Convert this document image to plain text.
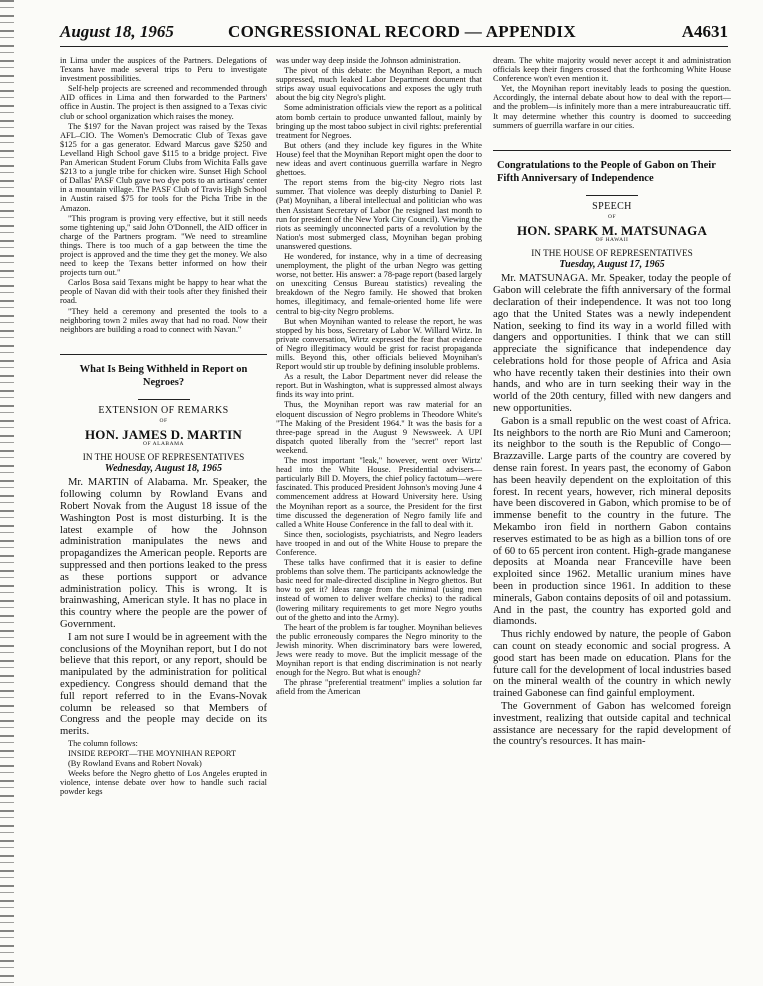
August 18, 1965	CONGRESSIONAL RECORD — APPENDIX	A4631

in Lima under the auspices of the Partners. Delegations of Texans have made several trips to Peru to investigate investment possibilities.

Self-help projects are screened and recommended through AID offices in Lima and then forwarded to the Partners' office in Austin. The project is then assigned to a Texas civic club or school organization which raises the money.

The $197 for the Navan project was raised by the Texas AFL–CIO. The Women's Democratic Club of Texas gave $125 for a gas generator. Edward Marcus gave $250 and Levelland High School gave $115 to a bridge project. Five Pan American Student Forum Clubs from Wichita Falls gave $213 to a jungle tribe for chicken wire. Sunset High School of Dallas' PASF Club gave two dye pots to an artisans' center in a mountain village. The PASF Club of Travis High School in Austin raised $75 for tools for the Picha Tribe in the Amazon.

"This program is proving very effective, but it still needs some tightening up," said John O'Donnell, the AID officer in charge of the Partners program. "We need to streamline things. There is too much of a gap between the time the project is approved and the time they get the money. We also need to keep the Texans better informed on how their projects turn out."

Carlos Bosa said Texans might be happy to hear what the people of Navan did with their tools after they finished their road.

"They held a ceremony and presented the tools to a neighboring town 2 miles away that had no road. Now their neighbors are building a road to connect with Navan."

What Is Being Withheld in Report on Negroes?
EXTENSION OF REMARKS
OF
HON. JAMES D. MARTIN
OF ALABAMA
IN THE HOUSE OF REPRESENTATIVES
Wednesday, August 18, 1965

Mr. MARTIN of Alabama. Mr. Speaker, the following column by Rowland Evans and Robert Novak from the August 18 issue of the Washington Post is most disturbing. It is the latest example of how the Johnson administration manipulates the news and propagandizes the American people. Reports are suppressed and then portions leaked to the press as these portions support or advance administration policy. This is wrong. It is brainwashing, American style. It has no place in this country where the people are the power of Government.

I am not sure I would be in agreement with the conclusions of the Moynihan report, but I do not believe that this report, or any report, should be manipulated by the administration for political expediency. Congress should demand that the full report referred to in the Evans-Novak column be released so that Members of Congress and the people may decide on its merits.

The column follows:

INSIDE REPORT—THE MOYNIHAN REPORT

(By Rowland Evans and Robert Novak)

Weeks before the Negro ghetto of Los Angeles erupted in violence, intense debate over how to handle such racial powder kegs

was under way deep inside the Johnson administration.

The pivot of this debate: the Moynihan Report, a much suppressed, much leaked Labor Department document that strips away usual equivocations and exposes the ugly truth about the big city Negro's plight.

Some administration officials view the report as a political atom bomb certain to produce unwanted fallout, mainly by bringing up the most taboo subject in civil rights: preferential treatment for Negroes.

But others (and they include key figures in the White House) feel that the Moynihan Report might open the door to new ideas and avert continuous guerrilla warfare in Negro ghettoes.

The report stems from the big-city Negro riots last summer. That violence was deeply disturbing to Daniel P. (Pat) Moynihan, a liberal intellectual and politician who was then Assistant Secretary of Labor (he resigned last month to run for president of the New York City Council). Viewing the riots as seemingly unconnected parts of a revolution by the Nation's most submerged class, Moynihan began probing unanswered questions.

He wondered, for instance, why in a time of decreasing unemployment, the plight of the urban Negro was getting worse, not better. His answer: a 78-page report (based largely on unexciting Census Bureau statistics) revealing the breakdown of the Negro family. He showed that broken homes, illegitimacy, and female-oriented home life were central to big-city Negro problems.

But when Moynihan wanted to release the report, he was stopped by his boss, Secretary of Labor W. Willard Wirtz. In private conversation, Wirtz expressed the fear that evidence of Negro illegitimacy would be grist for racist propaganda mills. Beyond this, other officials believed Moynihan's Report would stir up trouble by defining insoluble problems.

As a result, the Labor Department never did release the report. But in Washington, what is suppressed almost always finds its way into print.

Thus, the Moynihan report was raw material for an eloquent discussion of Negro problems in Theodore White's "The Making of the President 1964." It was the basis for a three-page spread in the August 9 Newsweek. A UPI dispatch quoted liberally from the "secret" report last weekend.

The most important "leak," however, went over Wirtz' head into the White House. Presidential advisers—particularly Bill D. Moyers, the chief policy factotum—were fascinated. This produced President Johnson's moving June 4 commencement address at Howard University here. Using the Moynihan report as a source, the President for the first time discussed the degeneration of Negro family life and called a White House Conference in the fall to deal with it.

Since then, sociologists, psychiatrists, and Negro leaders have trooped in and out of the White House to prepare the Conference.

These talks have confirmed that it is easier to define problems than solve them. The participants acknowledge the basic need for male-directed discipline in Negro ghettos. But how to get it? Ideas range from the minimal (using men instead of women to deliver welfare checks) to the radical (lowering military requirements to get more Negro youths out of the ghetto and into the Army).

The heart of the problem is far tougher. Moynihan believes the public erroneously compares the Negro minority to the Jewish minority. When discriminatory bars were lowered, Jews were ready to move. But the implicit message of the Moynihan report is that ending discrimination is not nearly enough for the Negro. But what is enough?

The phrase "preferential treatment" implies a solution far afield from the American

dream. The white majority would never accept it and administration officials keep their fingers crossed that the forthcoming White House Conference won't even mention it.

Yet, the Moynihan report inevitably leads to posing the question. Accordingly, the internal debate about how to deal with the report—and the problem—is infinitely more than a mere intrabureaucratic tiff. It may determine whether this country is doomed to succeeding summers of guerrilla warfare in our cities.

Congratulations to the People of Gabon on Their Fifth Anniversary of Independence
SPEECH
OF
HON. SPARK M. MATSUNAGA
OF HAWAII
IN THE HOUSE OF REPRESENTATIVES
Tuesday, August 17, 1965

Mr. MATSUNAGA. Mr. Speaker, today the people of Gabon will celebrate the fifth anniversary of the formal declaration of their independence. It was not too long ago that the United States was a newly independent Nation, seeking to find its way in a world filled with dangers and opportunities. I think that we can still appreciate the significance that independence day celebrations hold for those people of Africa and Asia who have recently taken their destinies into their own hands, and who are in turn seeking their way in the world of the 20th century, filled with new dangers and new opportunities.

Gabon is a small republic on the west coast of Africa. Its neighbors to the north are Rio Muni and Cameroon; its neighbor to the south is the Republic of Congo—Brazzaville. Large parts of the country are covered by dense rain forest. In years past, the economy of Gabon has been heavily dependent on the exploitation of this forest. In recent years, however, rich mineral deposits have been discovered in Gabon, which promise to be of immense benefit to the country in the future. The Mekambo iron field in northern Gabon contains reserves estimated to be as high as a billion tons of ore of 60 to 65 percent iron content. High-grade manganese deposits at Moanda near Franceville have been exploited since 1962. Metallic uranium mines have been in production since 1961. In addition to these minerals, Gabon contains deposits of oil and potassium. And in the past, the country has exported gold and diamonds.

Thus richly endowed by nature, the people of Gabon can count on steady economic and social progress. A good start has been made on education. Plans for the future call for the development of local industries based on the mineral wealth of the country in which newly trained Gabonese can find gainful employment.

The Government of Gabon has welcomed foreign investment, realizing that outside capital and technical assistance are necessary for the rapid development of the country's resources. It has main-
